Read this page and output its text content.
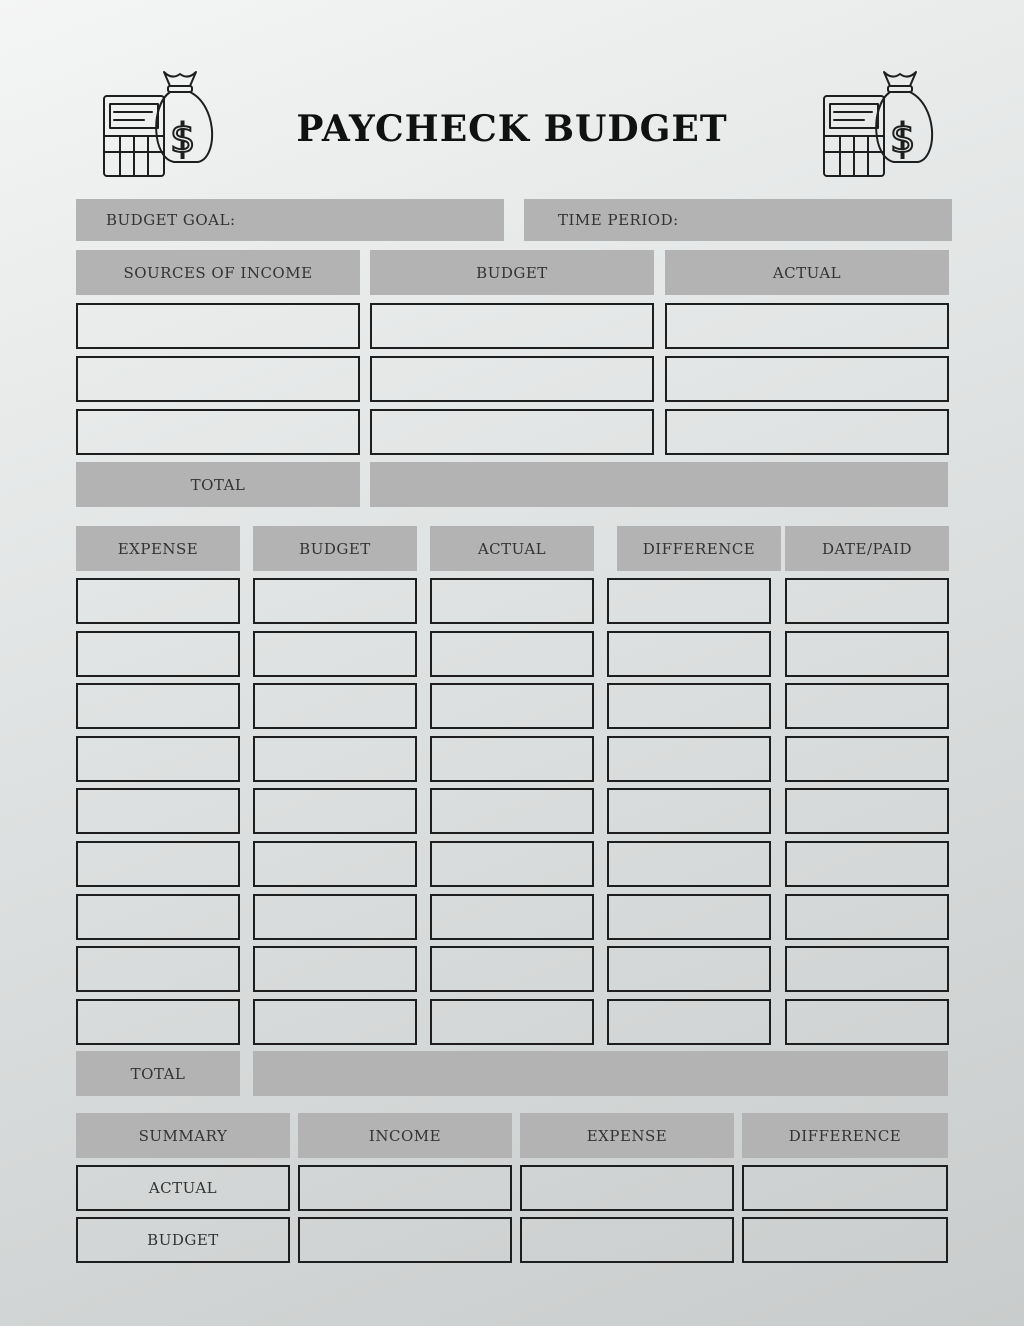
$	$
PAYCHECK BUDGET
BUDGET GOAL:	TIME PERIOD:
SOURCES OF INCOME	BUDGET	ACTUAL
TOTAL
EXPENSE	BUDGET	ACTUAL	DIFFERENCE	DATE/PAID
TOTAL
SUMMARY	INCOME	EXPENSE	DIFFERENCE
ACTUAL
BUDGET
